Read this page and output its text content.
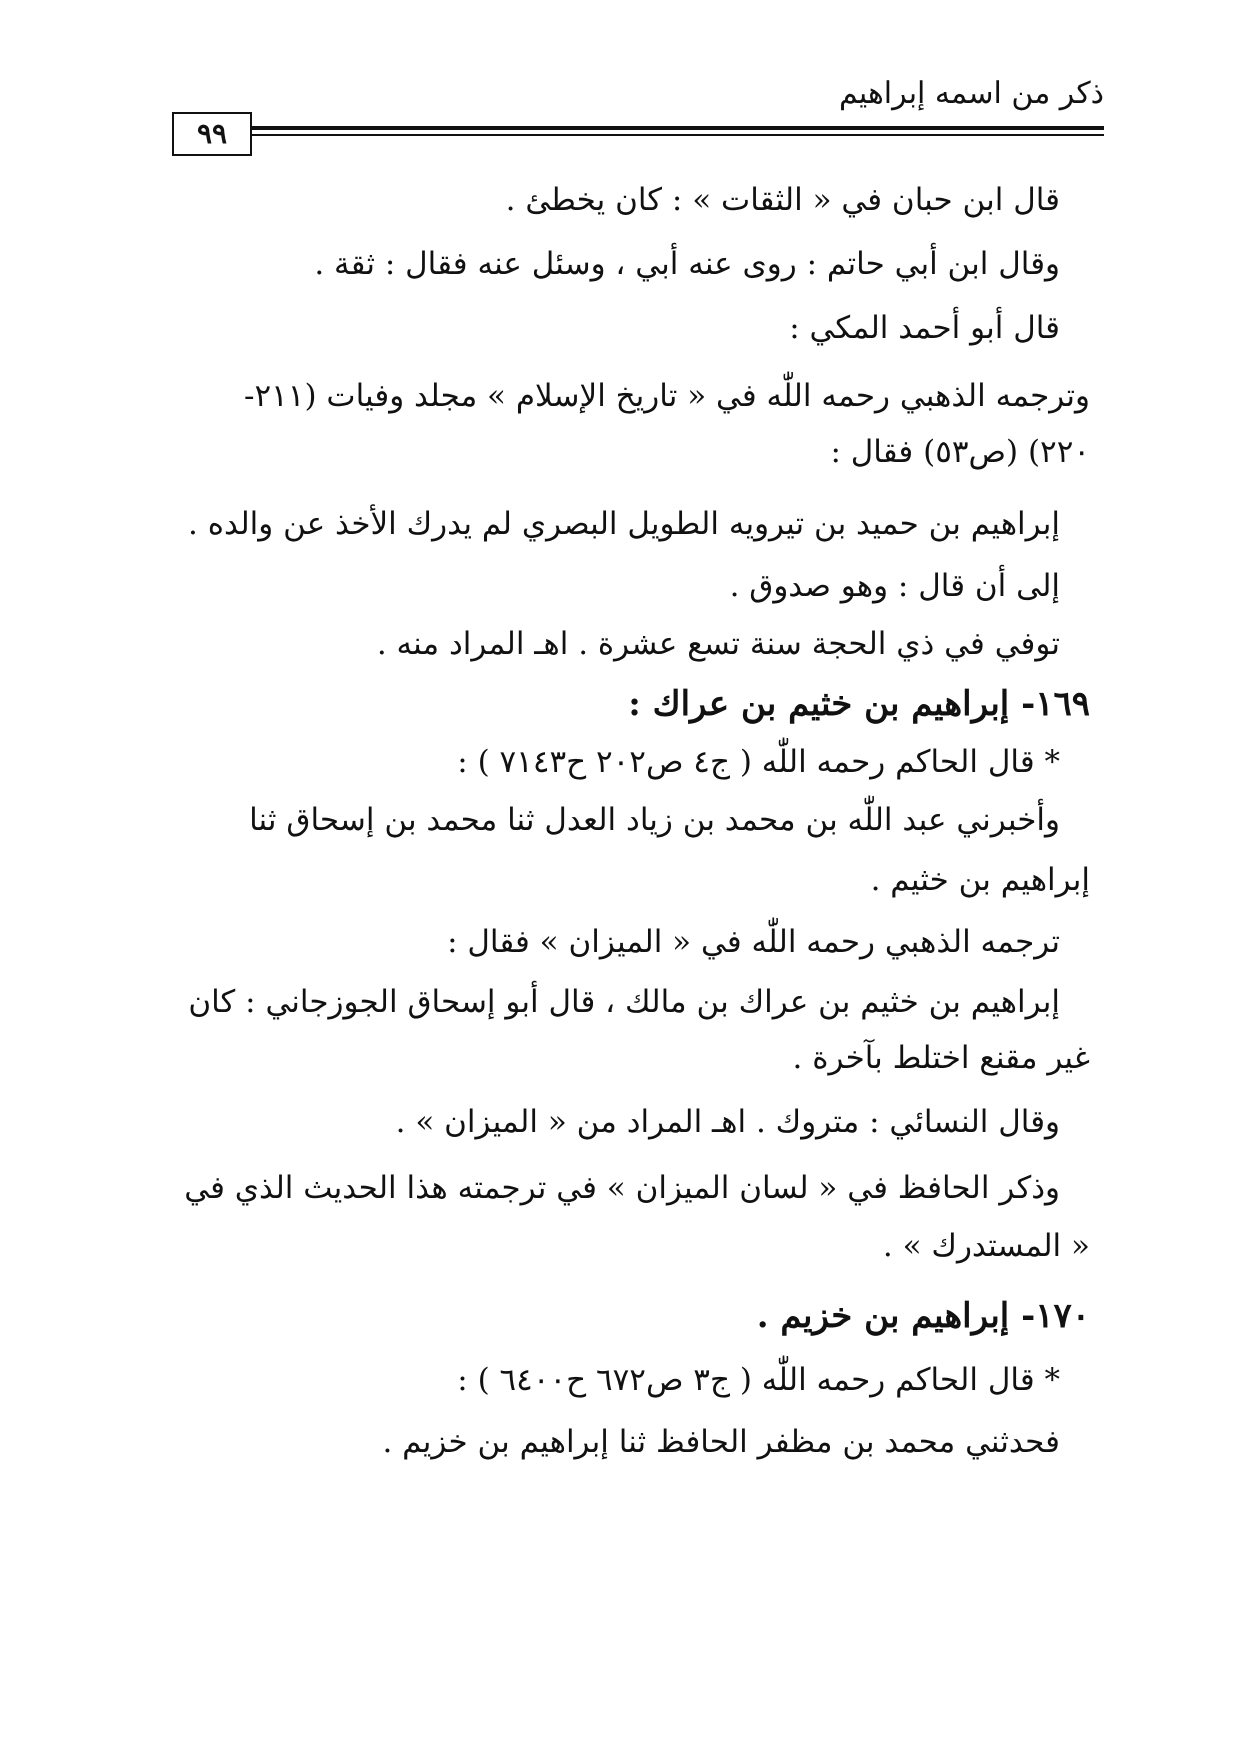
ذكر من اسمه إبراهيم
٩٩
قال ابن حبان في « الثقات » : كان يخطئ .
وقال ابن أبي حاتم : روى عنه أبي ، وسئل عنه فقال : ثقة .
قال أبو أحمد المكي :
وترجمه الذهبي رحمه اللّٰه في « تاريخ الإسلام » مجلد وفيات (٢١١-
٢٢٠) (ص٥٣) فقال :
إبراهيم بن حميد بن تيرويه الطويل البصري لم يدرك الأخذ عن والده .
إلى أن قال : وهو صدوق .
توفي في ذي الحجة سنة تسع عشرة . اهـ المراد منه .
١٦٩- إبراهيم بن خثيم بن عراك :
* قال الحاكم رحمه اللّٰه ( ج٤ ص٢٠٢ ح٧١٤٣ ) :
وأخبرني عبد اللّٰه بن محمد بن زياد العدل ثنا محمد بن إسحاق ثنا
إبراهيم بن خثيم .
ترجمه الذهبي رحمه اللّٰه في « الميزان » فقال :
إبراهيم بن خثيم بن عراك بن مالك ، قال أبو إسحاق الجوزجاني : كان
غير مقنع اختلط بآخرة .
وقال النسائي : متروك . اهـ المراد من « الميزان » .
وذكر الحافظ في « لسان الميزان » في ترجمته هذا الحديث الذي في
« المستدرك » .
١٧٠- إبراهيم بن خزيم .
* قال الحاكم رحمه اللّٰه ( ج٣ ص٦٧٢ ح٦٤٠٠ ) :
فحدثني محمد بن مظفر الحافظ ثنا إبراهيم بن خزيم .
